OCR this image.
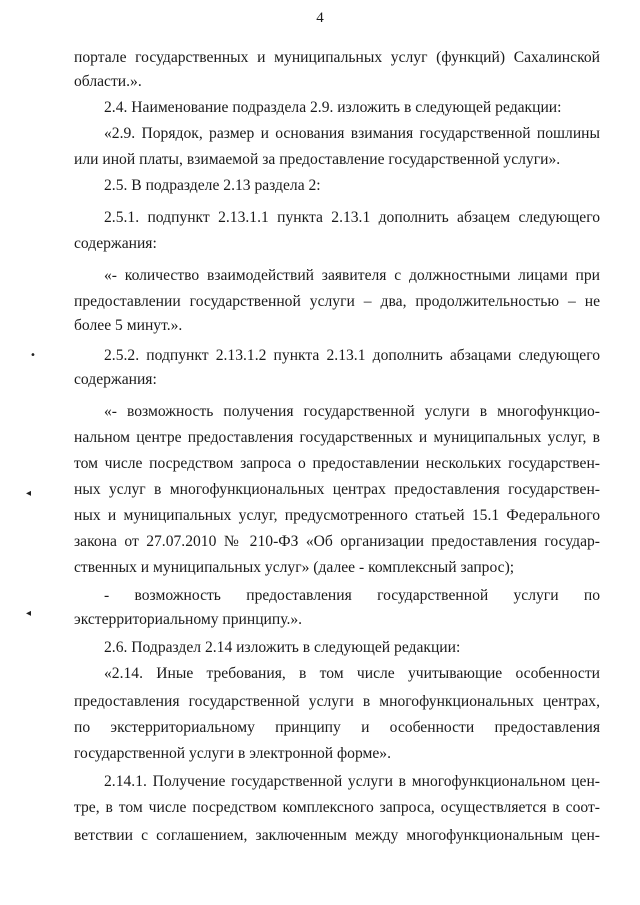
4
порталe государственных и муниципальных услуг (функций) Сахалинской
области.».
2.4. Наименование подраздела 2.9. изложить в следующей редакции:
«2.9. Порядок, размер и основания взимания государственной пошлины
или иной платы, взимаемой за предоставление государственной услуги».
2.5. В подразделе 2.13 раздела 2:
2.5.1. подпункт 2.13.1.1 пункта 2.13.1 дополнить абзацем следующего
содержания:
«- количество взаимодействий заявителя с должностными лицами при
предоставлении государственной услуги – два, продолжительностью – не
более 5 минут.».
2.5.2. подпункт 2.13.1.2 пункта 2.13.1 дополнить абзацами следующего
содержания:
«- возможность получения государственной услуги в многофункцио-
нальном центре предоставления государственных и муниципальных услуг, в
том числе посредством запроса о предоставлении нескольких государствен-
ных услуг в многофункциональных центрах предоставления государствен-
ных и муниципальных услуг, предусмотренного статьей 15.1 Федерального
закона от 27.07.2010 № 210-ФЗ «Об организации предоставления государ-
ственных и муниципальных услуг» (далее - комплексный запрос);
- возможность предоставления государственной услуги по
экстерриториальному принципу.».
2.6. Подраздел 2.14 изложить в следующей редакции:
«2.14. Иные требования, в том числе учитывающие особенности
предоставления государственной услуги в многофункциональных центрах,
по экстерриториальному принципу и особенности предоставления
государственной услуги в электронной форме».
2.14.1. Получение государственной услуги в многофункциональном цен-
тре, в том числе посредством комплексного запроса, осуществляется в соот-
ветствии с соглашением, заключенным между многофункциональным цен-
•
◂
◂
